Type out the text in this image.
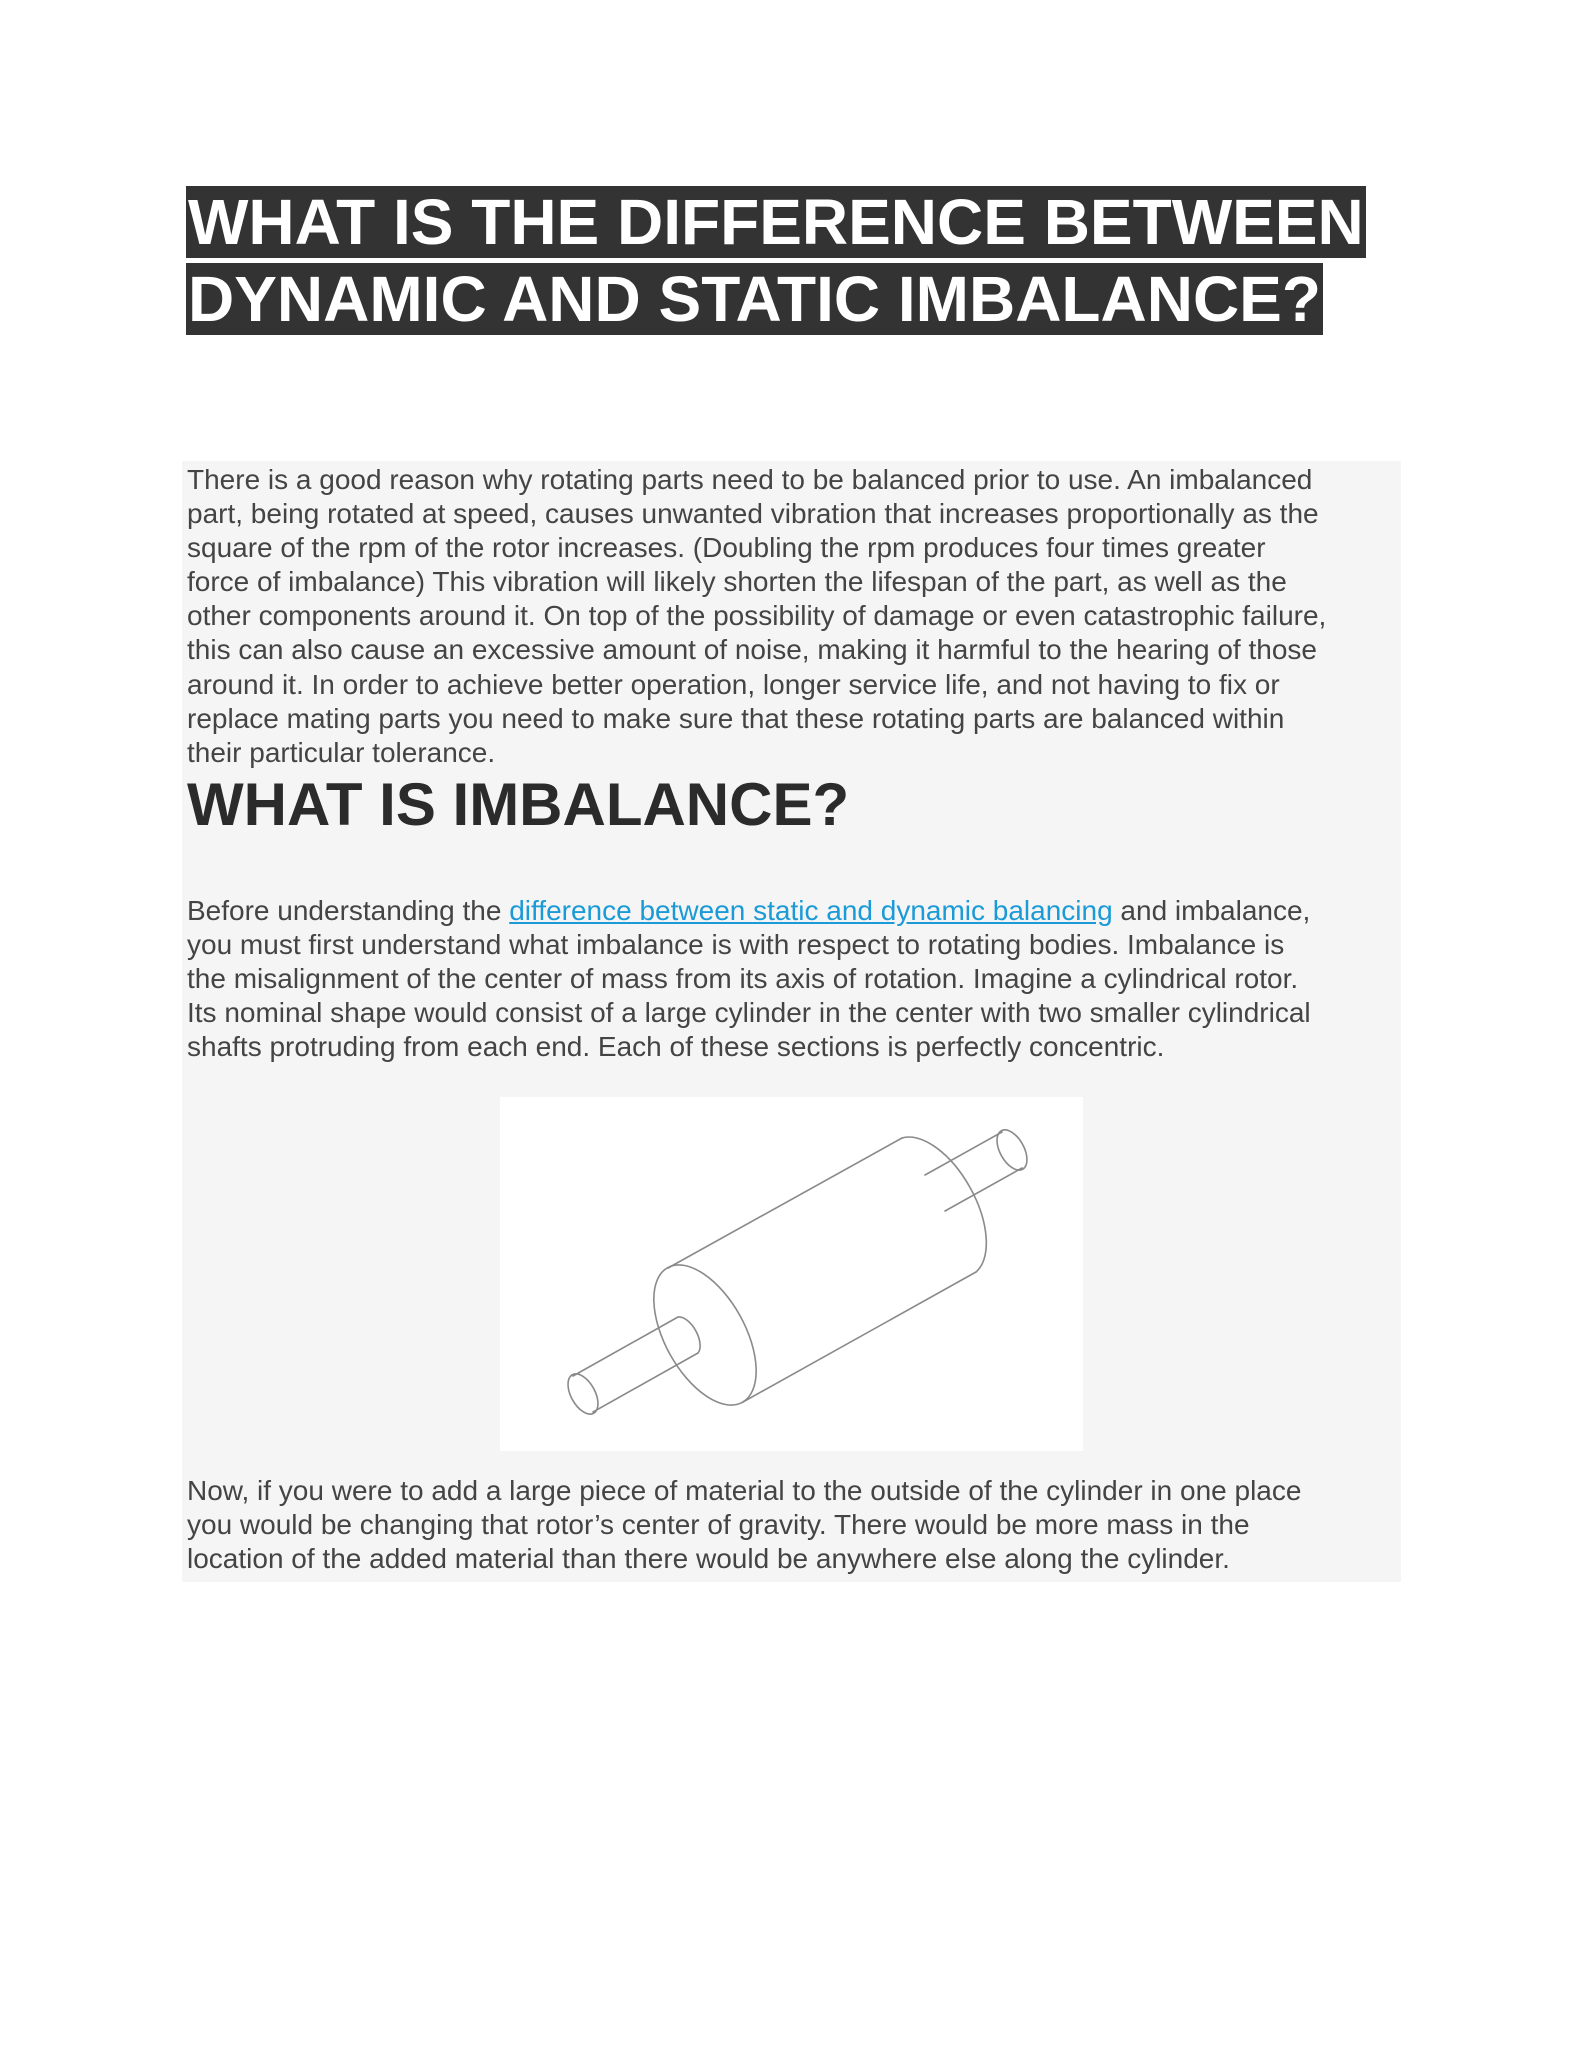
WHAT IS THE DIFFERENCE BETWEEN
DYNAMIC AND STATIC IMBALANCE?

There is a good reason why rotating parts need to be balanced prior to use. An imbalanced
part, being rotated at speed, causes unwanted vibration that increases proportionally as the
square of the rpm of the rotor increases. (Doubling the rpm produces four times greater
force of imbalance) This vibration will likely shorten the lifespan of the part, as well as the
other components around it. On top of the possibility of damage or even catastrophic failure,
this can also cause an excessive amount of noise, making it harmful to the hearing of those
around it. In order to achieve better operation, longer service life, and not having to fix or
replace mating parts you need to make sure that these rotating parts are balanced within
their particular tolerance.

WHAT IS IMBALANCE?

Before understanding the difference between static and dynamic balancing and imbalance,
you must first understand what imbalance is with respect to rotating bodies. Imbalance is
the misalignment of the center of mass from its axis of rotation. Imagine a cylindrical rotor.
Its nominal shape would consist of a large cylinder in the center with two smaller cylindrical
shafts protruding from each end. Each of these sections is perfectly concentric.

Now, if you were to add a large piece of material to the outside of the cylinder in one place
you would be changing that rotor’s center of gravity. There would be more mass in the
location of the added material than there would be anywhere else along the cylinder.
